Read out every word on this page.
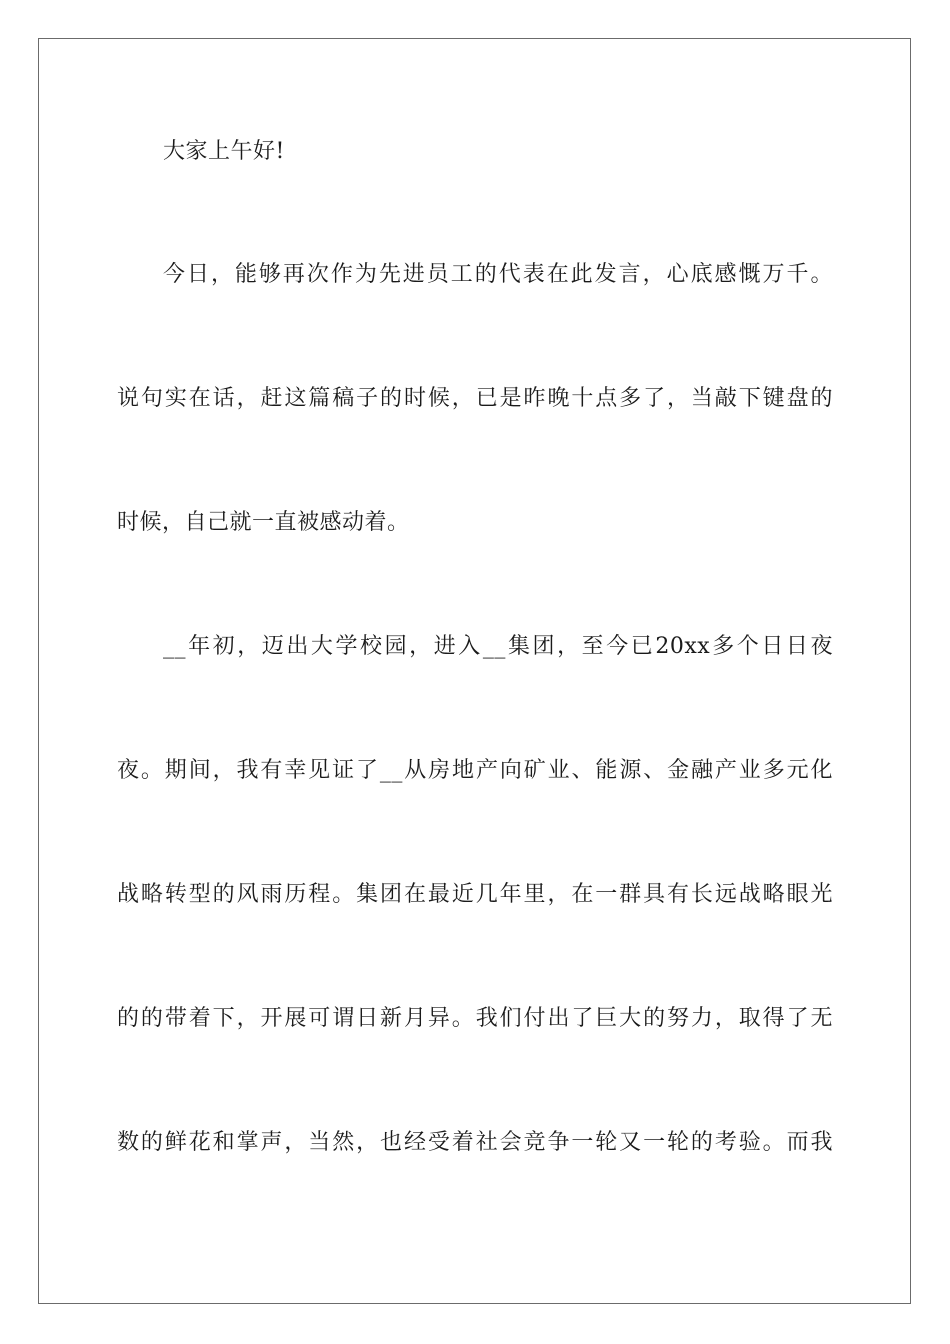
大家上午好!
今日，能够再次作为先进员工的代表在此发言，心底感慨万千。
说句实在话，赶这篇稿子的时候，已是昨晚十点多了，当敲下键盘的
时候，自己就一直被感动着。
__年初，迈出大学校园，进入__集团，至今已20xx多个日日夜
夜。期间，我有幸见证了__从房地产向矿业、能源、金融产业多元化
战略转型的风雨历程。集团在最近几年里，在一群具有长远战略眼光
的的带着下，开展可谓日新月异。我们付出了巨大的努力，取得了无
数的鲜花和掌声，当然，也经受着社会竞争一轮又一轮的考验。而我
